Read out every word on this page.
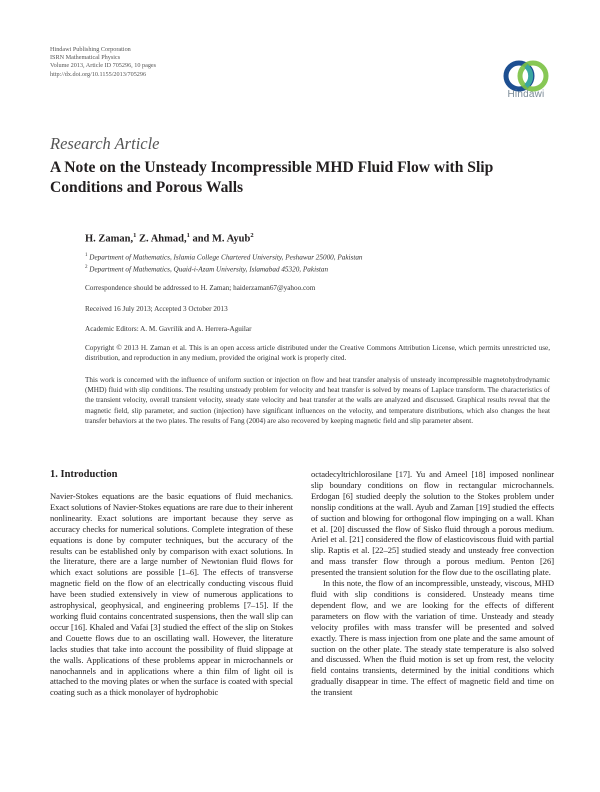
Hindawi Publishing Corporation
ISRN Mathematical Physics
Volume 2013, Article ID 705296, 10 pages
http://dx.doi.org/10.1155/2013/705296
Hindawi
Research Article
A Note on the Unsteady Incompressible MHD Fluid Flow with Slip Conditions and Porous Walls
H. Zaman,$^1$ Z. Ahmad,$^1$ and M. Ayub$^2$
$^1$ Department of Mathematics, Islamia College Chartered University, Peshawar 25000, Pakistan
$^2$ Department of Mathematics, Quaid-i-Azam University, Islamabad 45320, Pakistan
Correspondence should be addressed to H. Zaman; haiderzaman67@yahoo.com
Received 16 July 2013; Accepted 3 October 2013
Academic Editors: A. M. Gavrilik and A. Herrera-Aguilar
Copyright © 2013 H. Zaman et al. This is an open access article distributed under the Creative Commons Attribution License, which permits unrestricted use, distribution, and reproduction in any medium, provided the original work is properly cited.
This work is concerned with the influence of uniform suction or injection on flow and heat transfer analysis of unsteady incompressible magnetohydrodynamic (MHD) fluid with slip conditions. The resulting unsteady problem for velocity and heat transfer is solved by means of Laplace transform. The characteristics of the transient velocity, overall transient velocity, steady state velocity and heat transfer at the walls are analyzed and discussed. Graphical results reveal that the magnetic field, slip parameter, and suction (injection) have significant influences on the velocity, and temperature distributions, which also changes the heat transfer behaviors at the two plates. The results of Fang (2004) are also recovered by keeping magnetic field and slip parameter absent.
1. Introduction

Navier-Stokes equations are the basic equations of fluid mechanics. Exact solutions of Navier-Stokes equations are rare due to their inherent nonlinearity. Exact solutions are important because they serve as accuracy checks for numerical solutions. Complete integration of these equations is done by computer techniques, but the accuracy of the results can be established only by comparison with exact solutions. In the literature, there are a large number of Newtonian fluid flows for which exact solutions are possible [1–6]. The effects of transverse magnetic field on the flow of an electrically conducting viscous fluid have been studied extensively in view of numerous applications to astrophysical, geophysical, and engineering problems [7–15]. If the working fluid contains concentrated suspensions, then the wall slip can occur [16]. Khaled and Vafai [3] studied the effect of the slip on Stokes and Couette flows due to an oscillating wall. However, the literature lacks studies that take into account the possibility of fluid slippage at the walls. Applications of these problems appear in microchannels or nanochannels and in applications where a thin film of light oil is attached to the moving plates or when the surface is coated with special coating such as a thick monolayer of hydrophobic

octadecyltrichlorosilane [17]. Yu and Ameel [18] imposed nonlinear slip boundary conditions on flow in rectangular microchannels. Erdogan [6] studied deeply the solution to the Stokes problem under nonslip conditions at the wall. Ayub and Zaman [19] studied the effects of suction and blowing for orthogonal flow impinging on a wall. Khan et al. [20] discussed the flow of Sisko fluid through a porous medium. Ariel et al. [21] considered the flow of elasticoviscous fluid with partial slip. Raptis et al. [22–25] studied steady and unsteady free convection and mass transfer flow through a porous medium. Penton [26] presented the transient solution for the flow due to the oscillating plate.

In this note, the flow of an incompressible, unsteady, viscous, MHD fluid with slip conditions is considered. Unsteady means time dependent flow, and we are looking for the effects of different parameters on flow with the variation of time. Unsteady and steady velocity profiles with mass transfer will be presented and solved exactly. There is mass injection from one plate and the same amount of suction on the other plate. The steady state temperature is also solved and discussed. When the fluid motion is set up from rest, the velocity field contains transients, determined by the initial conditions which gradually disappear in time. The effect of magnetic field and time on the transient
